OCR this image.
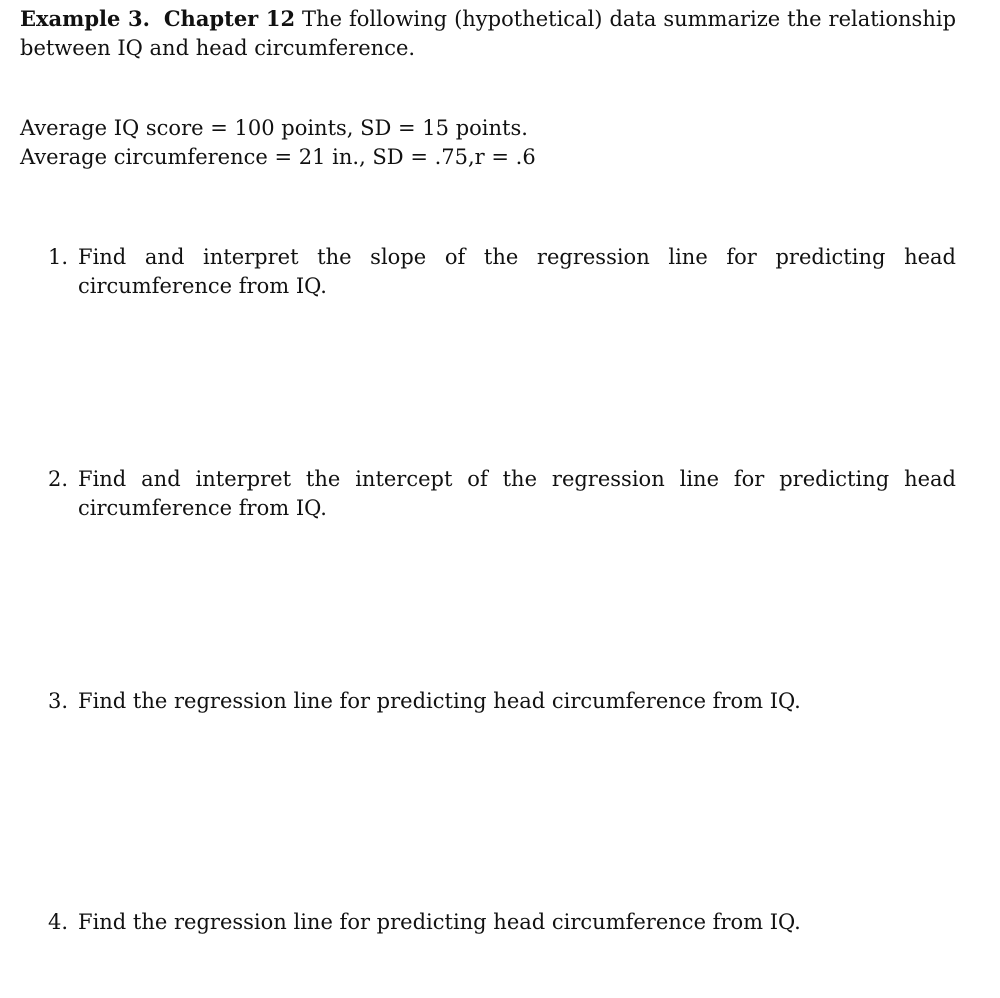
Example 3. Chapter 12 The following (hypothetical) data summarize the relationship between IQ and head circumference.

Average IQ score = 100 points, SD = 15 points.
Average circumference = 21 in., SD = .75,r = .6
1. Find and interpret the slope of the regression line for predicting head circumference from IQ.
2. Find and interpret the intercept of the regression line for predicting head circumference from IQ.
3. Find the regression line for predicting head circumference from IQ.
4. Find the regression line for predicting head circumference from IQ.
